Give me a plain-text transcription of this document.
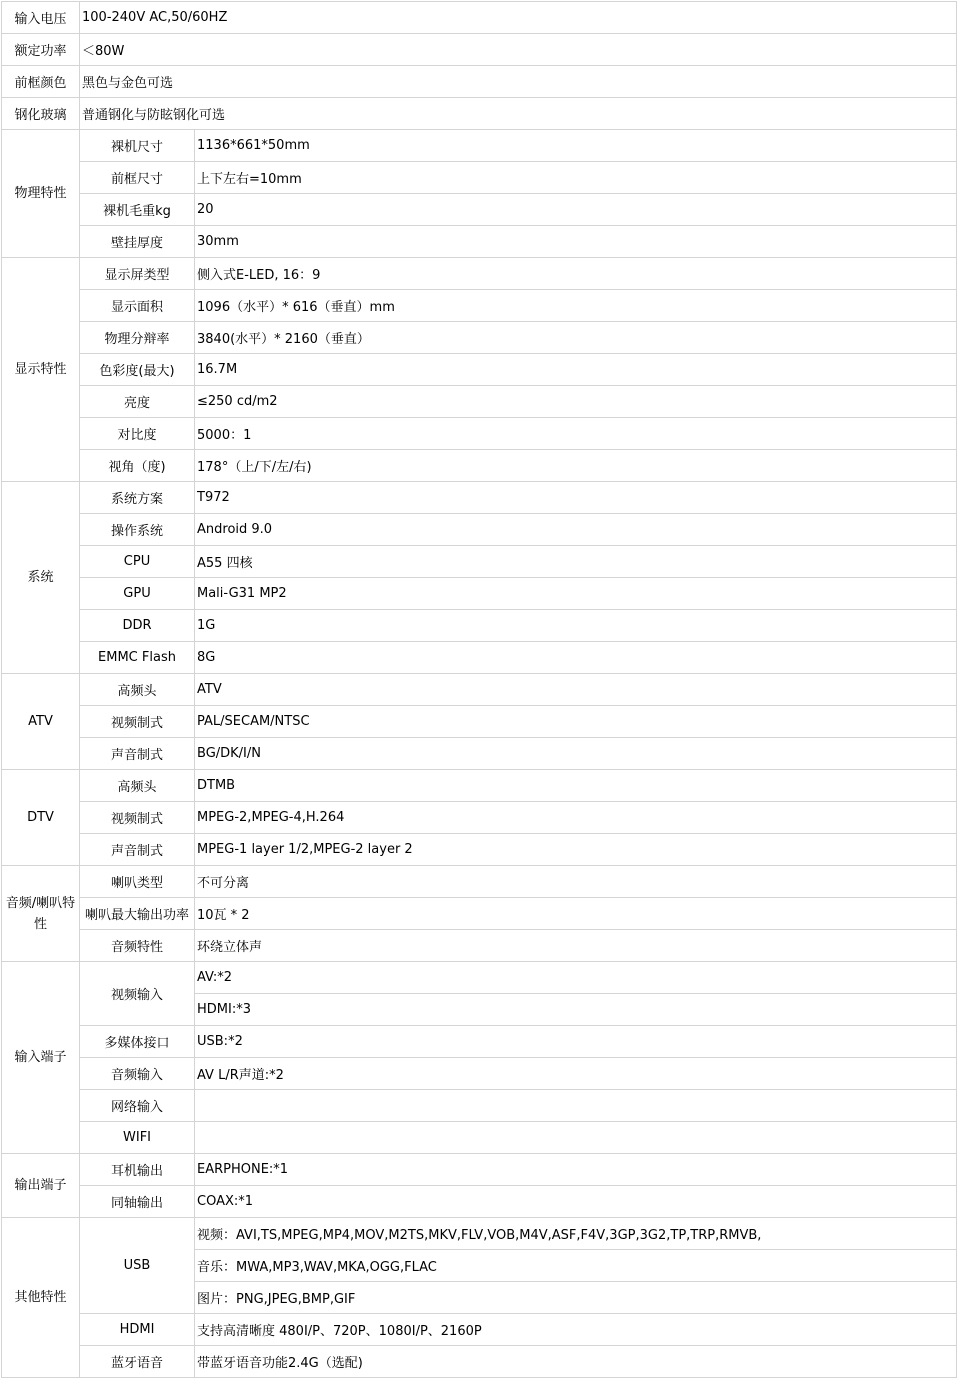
输入电压	100-240V AC,50/60HZ	
额定功率	＜80W	
前框颜色	黑色与金色可选	
钢化玻璃	普通钢化与防眩钢化可选	
物理特性	裸机尺寸	1136*661*50mm
	前框尺寸	上下左右=10mm
	裸机毛重kg	20
	壁挂厚度	30mm
显示特性	显示屏类型	侧入式E-LED, 16：9
	显示面积	1096（水平）* 616（垂直）mm
	物理分辩率	3840(水平）* 2160（垂直）
	色彩度(最大)	16.7M
	亮度	≤250 cd/m2
	对比度	5000：1
	视角（度)	178°（上/下/左/右)
系统	系统方案	T972
	操作系统	Android 9.0
	CPU	A55 四核
	GPU	Mali-G31 MP2
	DDR	1G
	EMMC Flash	8G
ATV	高频头	ATV
	视频制式	PAL/SECAM/NTSC
	声音制式	BG/DK/I/N
DTV	高频头	DTMB
	视频制式	MPEG-2,MPEG-4,H.264
	声音制式	MPEG-1 layer 1/2,MPEG-2 layer 2
音频/喇叭特性	喇叭类型	不可分离
	喇叭最大输出功率	10瓦 * 2
	音频特性	环绕立体声
输入端子	视频输入	AV:*2
		HDMI:*3
	多媒体接口	USB:*2
	音频输入	AV L/R声道:*2
	网络输入	
	WIFI	
输出端子	耳机输出	EARPHONE:*1
	同轴输出	COAX:*1
其他特性	USB	视频：AVI,TS,MPEG,MP4,MOV,M2TS,MKV,FLV,VOB,M4V,ASF,F4V,3GP,3G2,TP,TRP,RMVB,
		音乐：MWA,MP3,WAV,MKA,OGG,FLAC
		图片：PNG,JPEG,BMP,GIF
	HDMI	支持高清晰度 480I/P、720P、1080I/P、2160P
	蓝牙语音	带蓝牙语音功能2.4G（选配)
